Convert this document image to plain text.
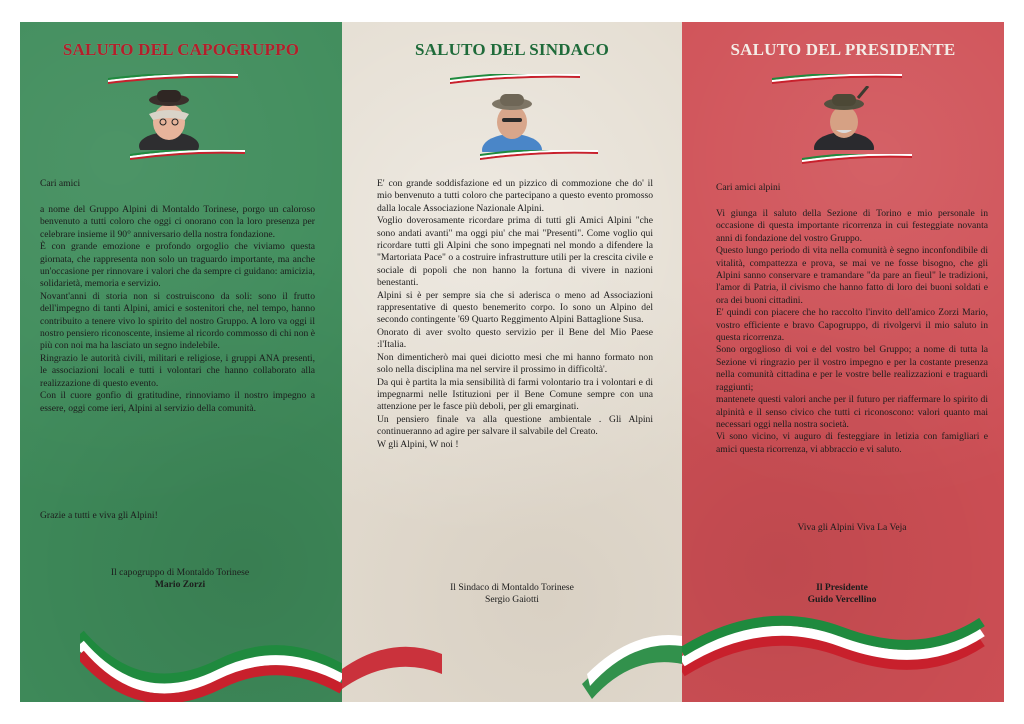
SALUTO DEL CAPOGRUPPO

Cari amici

a nome del Gruppo Alpini di Montaldo Torinese, porgo un caloroso benvenuto a tutti coloro che oggi ci onorano con la loro presenza per celebrare insieme il 90° anniversario della nostra fondazione.
È con grande emozione e profondo orgoglio che viviamo questa giornata, che rappresenta non solo un traguardo importante, ma anche un'occasione per rinnovare i valori che da sempre ci guidano: amicizia, solidarietà, memoria e servizio.
Novant'anni di storia non si costruiscono da soli: sono il frutto dell'impegno di tanti Alpini, amici e sostenitori che, nel tempo, hanno contribuito a tenere vivo lo spirito del nostro Gruppo. A loro va oggi il nostro pensiero riconoscente, insieme al ricordo commosso di chi non è più con noi ma ha lasciato un segno indelebile.
Ringrazio le autorità civili, militari e religiose, i gruppi ANA presenti, le associazioni locali e tutti i volontari che hanno collaborato alla realizzazione di questo evento.
Con il cuore gonfio di gratitudine, rinnoviamo il nostro impegno a essere, oggi come ieri, Alpini al servizio della comunità.

Grazie a tutti e viva gli Alpini!

Il capogruppo di Montaldo Torinese
Mario Zorzi
SALUTO DEL SINDACO

E' con grande soddisfazione ed un pizzico di commozione che do' il mio benvenuto a tutti coloro che partecipano a questo evento promosso dalla locale Associazione Nazionale Alpini.
Voglio doverosamente ricordare prima di tutti gli Amici Alpini "che sono andati avanti" ma oggi piu' che mai "Presenti". Come voglio qui ricordare tutti gli Alpini che sono impegnati nel mondo a difendere la "Martoriata Pace" o a costruire infrastrutture utili per la crescita civile e sociale di popoli che non hanno la fortuna di vivere in nazioni benestanti.
Alpini si è per sempre sia che si aderisca o meno ad Associazioni rappresentative di questo benemerito corpo. Io sono un Alpino del secondo contingente '69 Quarto Reggimento Alpini Battaglione Susa.
Onorato di aver svolto questo servizio per il Bene del Mio Paese :l'Italia.
Non dimenticherò mai quei diciotto mesi che mi hanno formato non solo nella disciplina ma nel servire il prossimo in difficoltà'.
Da qui è partita la mia sensibilità di farmi volontario tra i volontari e di impegnarmi nelle Istituzioni per il Bene Comune sempre con una attenzione per le fasce più deboli, per gli emarginati.
Un pensiero finale va alla questione ambientale . Gli Alpini continueranno ad agire per salvare il salvabile del Creato.
W gli Alpini, W noi !

Il Sindaco di Montaldo Torinese
Sergio Gaiotti
SALUTO DEL PRESIDENTE

Cari amici alpini

Vi giunga il saluto della Sezione di Torino e mio personale in occasione di questa importante ricorrenza in cui festeggiate novanta anni di fondazione del vostro Gruppo.
Questo lungo periodo di vita nella comunità è segno inconfondibile di vitalità, compattezza e prova, se mai ve ne fosse bisogno, che gli Alpini sanno conservare e tramandare "da pare an fieul" le tradizioni, l'amor di Patria, il civismo che hanno fatto di loro dei buoni soldati e ora dei buoni cittadini.
E' quindi con piacere che ho raccolto l'invito dell'amico Zorzi Mario, vostro efficiente e bravo Capogruppo, di rivolgervi il mio saluto in questa ricorrenza.
Sono orgoglioso di voi e del vostro bel Gruppo; a nome di tutta la Sezione vi ringrazio per il vostro impegno e per la costante presenza nella comunità cittadina e per le vostre belle realizzazioni e traguardi raggiunti;
mantenete questi valori anche per il futuro per riaffermare lo spirito di alpinità e il senso civico che tutti ci riconoscono: valori quanto mai necessari oggi nella nostra società.
Vi sono vicino, vi auguro di festeggiare in letizia con famigliari e amici questa ricorrenza, vi abbraccio e vi saluto.

Viva gli Alpini Viva La Veja

Il Presidente
Guido Vercellino
